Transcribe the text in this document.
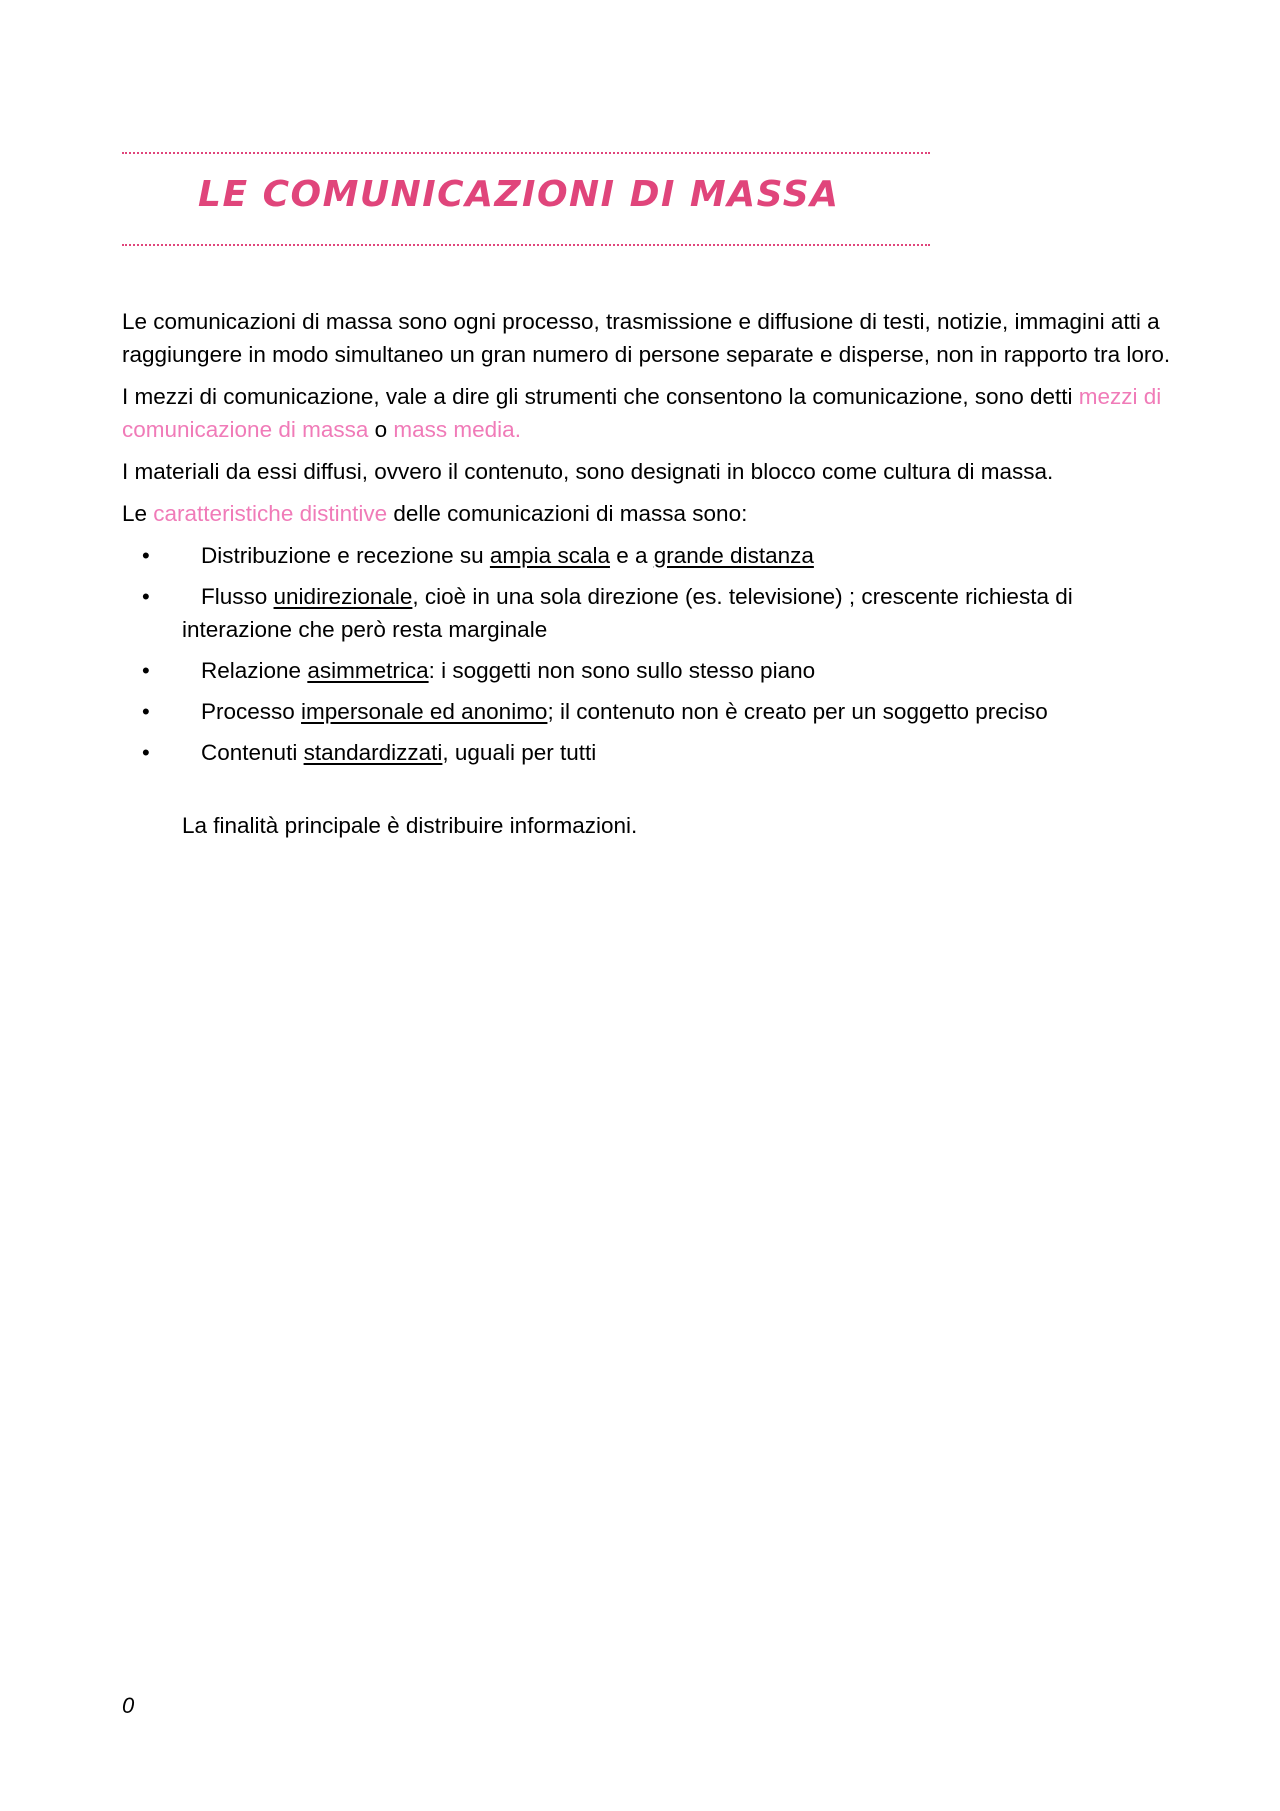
LE COMUNICAZIONI DI MASSA

Le comunicazioni di massa sono ogni processo, trasmissione e diffusione di testi, notizie, immagini atti a raggiungere in modo simultaneo un gran numero di persone separate e disperse, non in rapporto tra loro.

I mezzi di comunicazione, vale a dire gli strumenti che consentono la comunicazione, sono detti mezzi di comunicazione di massa o mass media.

I materiali da essi diffusi, ovvero il contenuto, sono designati in blocco come cultura di massa.

Le caratteristiche distintive delle comunicazioni di massa sono:

• Distribuzione e recezione su ampia scala e a grande distanza
• Flusso unidirezionale, cioè in una sola direzione (es. televisione) ; crescente richiesta di interazione che però resta marginale
• Relazione asimmetrica: i soggetti non sono sullo stesso piano
• Processo impersonale ed anonimo; il contenuto non è creato per un soggetto preciso
• Contenuti standardizzati, uguali per tutti

La finalità principale è distribuire informazioni.

0
